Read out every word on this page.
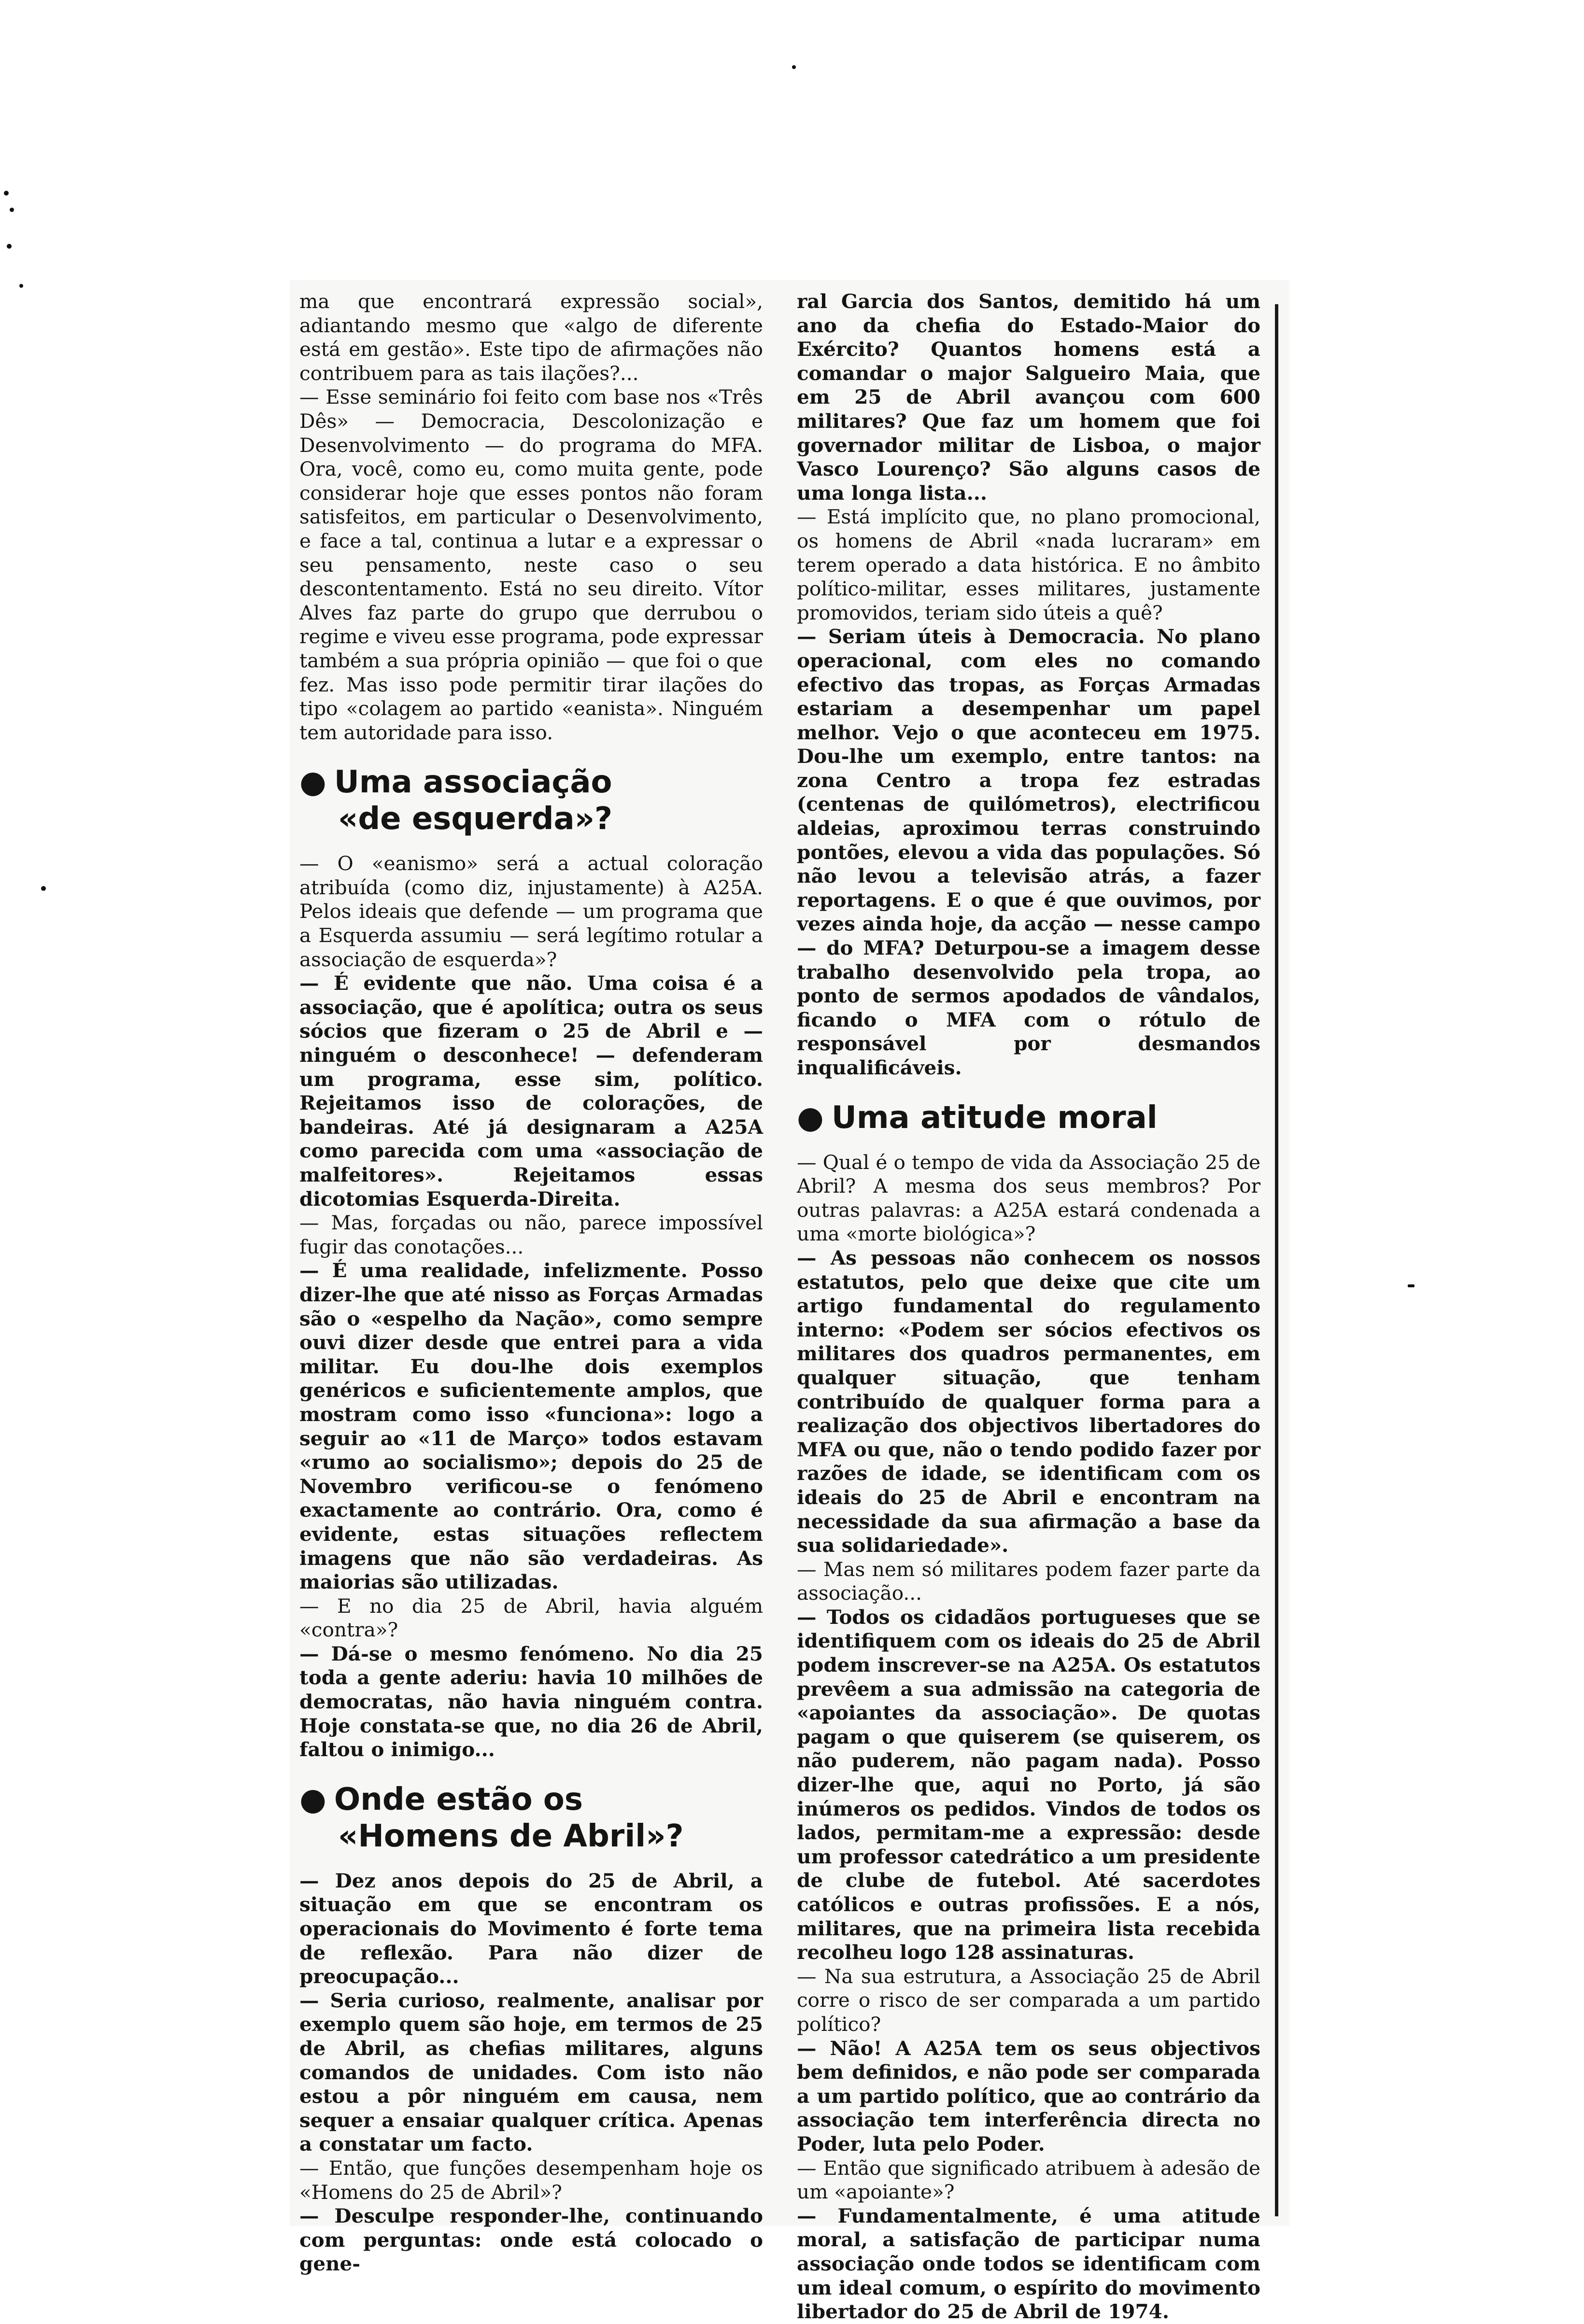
ma que encontrará expressão social», adiantando mesmo que «algo de diferente está em gestão». Este tipo de afirmações não contribuem para as tais ilações?...

— Esse seminário foi feito com base nos «Três Dês» — Democracia, Descolonização e Desenvolvimento — do programa do MFA. Ora, você, como eu, como muita gente, pode considerar hoje que esses pontos não foram satisfeitos, em particular o Desenvolvimento, e face a tal, continua a lutar e a expressar o seu pensamento, neste caso o seu descontentamento. Está no seu direito. Vítor Alves faz parte do grupo que derrubou o regime e viveu esse programa, pode expressar também a sua própria opinião — que foi o que fez. Mas isso pode permitir tirar ilações do tipo «colagem ao partido «eanista». Ninguém tem autoridade para isso.

● Uma associação
«de esquerda»?

— O «eanismo» será a actual coloração atribuída (como diz, injustamente) à A25A. Pelos ideais que defende — um programa que a Esquerda assumiu — será legítimo rotular a associação de esquerda»?

— É evidente que não. Uma coisa é a associação, que é apolítica; outra os seus sócios que fizeram o 25 de Abril e — ninguém o desconhece! — defenderam um programa, esse sim, político. Rejeitamos isso de colorações, de bandeiras. Até já designaram a A25A como parecida com uma «associação de malfeitores». Rejeitamos essas dicotomias Esquerda-Direita.

— Mas, forçadas ou não, parece impossível fugir das conotações...

— É uma realidade, infelizmente. Posso dizer-lhe que até nisso as Forças Armadas são o «espelho da Nação», como sempre ouvi dizer desde que entrei para a vida militar. Eu dou-lhe dois exemplos genéricos e suficientemente amplos, que mostram como isso «funciona»: logo a seguir ao «11 de Março» todos estavam «rumo ao socialismo»; depois do 25 de Novembro verificou-se o fenómeno exactamente ao contrário. Ora, como é evidente, estas situações reflectem imagens que não são verdadeiras. As maiorias são utilizadas.

— E no dia 25 de Abril, havia alguém «contra»?

— Dá-se o mesmo fenómeno. No dia 25 toda a gente aderiu: havia 10 milhões de democratas, não havia ninguém contra. Hoje constata-se que, no dia 26 de Abril, faltou o inimigo...

● Onde estão os
«Homens de Abril»?

— Dez anos depois do 25 de Abril, a situação em que se encontram os operacionais do Movimento é forte tema de reflexão. Para não dizer de preocupação...

— Seria curioso, realmente, analisar por exemplo quem são hoje, em termos de 25 de Abril, as chefias militares, alguns comandos de unidades. Com isto não estou a pôr ninguém em causa, nem sequer a ensaiar qualquer crítica. Apenas a constatar um facto.

— Então, que funções desempenham hoje os «Homens do 25 de Abril»?

— Desculpe responder-lhe, continuando com perguntas: onde está colocado o gene-

ral Garcia dos Santos, demitido há um ano da chefia do Estado-Maior do Exército? Quantos homens está a comandar o major Salgueiro Maia, que em 25 de Abril avançou com 600 militares? Que faz um homem que foi governador militar de Lisboa, o major Vasco Lourenço? São alguns casos de uma longa lista...

— Está implícito que, no plano promocional, os homens de Abril «nada lucraram» em terem operado a data histórica. E no âmbito político-militar, esses militares, justamente promovidos, teriam sido úteis a quê?

— Seriam úteis à Democracia. No plano operacional, com eles no comando efectivo das tropas, as Forças Armadas estariam a desempenhar um papel melhor. Vejo o que aconteceu em 1975. Dou-lhe um exemplo, entre tantos: na zona Centro a tropa fez estradas (centenas de quilómetros), electrificou aldeias, aproximou terras construindo pontões, elevou a vida das populações. Só não levou a televisão atrás, a fazer reportagens. E o que é que ouvimos, por vezes ainda hoje, da acção — nesse campo — do MFA? Deturpou-se a imagem desse trabalho desenvolvido pela tropa, ao ponto de sermos apodados de vândalos, ficando o MFA com o rótulo de responsável por desmandos inqualificáveis.

● Uma atitude moral

— Qual é o tempo de vida da Associação 25 de Abril? A mesma dos seus membros? Por outras palavras: a A25A estará condenada a uma «morte biológica»?

— As pessoas não conhecem os nossos estatutos, pelo que deixe que cite um artigo fundamental do regulamento interno: «Podem ser sócios efectivos os militares dos quadros permanentes, em qualquer situação, que tenham contribuído de qualquer forma para a realização dos objectivos libertadores do MFA ou que, não o tendo podido fazer por razões de idade, se identificam com os ideais do 25 de Abril e encontram na necessidade da sua afirmação a base da sua solidariedade».

— Mas nem só militares podem fazer parte da associação...

— Todos os cidadãos portugueses que se identifiquem com os ideais do 25 de Abril podem inscrever-se na A25A. Os estatutos prevêem a sua admissão na categoria de «apoiantes da associação». De quotas pagam o que quiserem (se quiserem, os não puderem, não pagam nada). Posso dizer-lhe que, aqui no Porto, já são inúmeros os pedidos. Vindos de todos os lados, permitam-me a expressão: desde um professor catedrático a um presidente de clube de futebol. Até sacerdotes católicos e outras profissões. E a nós, militares, que na primeira lista recebida recolheu logo 128 assinaturas.

— Na sua estrutura, a Associação 25 de Abril corre o risco de ser comparada a um partido político?

— Não! A A25A tem os seus objectivos bem definidos, e não pode ser comparada a um partido político, que ao contrário da associação tem interferência directa no Poder, luta pelo Poder.

— Então que significado atribuem à adesão de um «apoiante»?

— Fundamentalmente, é uma atitude moral, a satisfação de participar numa associação onde todos se identificam com um ideal comum, o espírito do movimento libertador do 25 de Abril de 1974.
